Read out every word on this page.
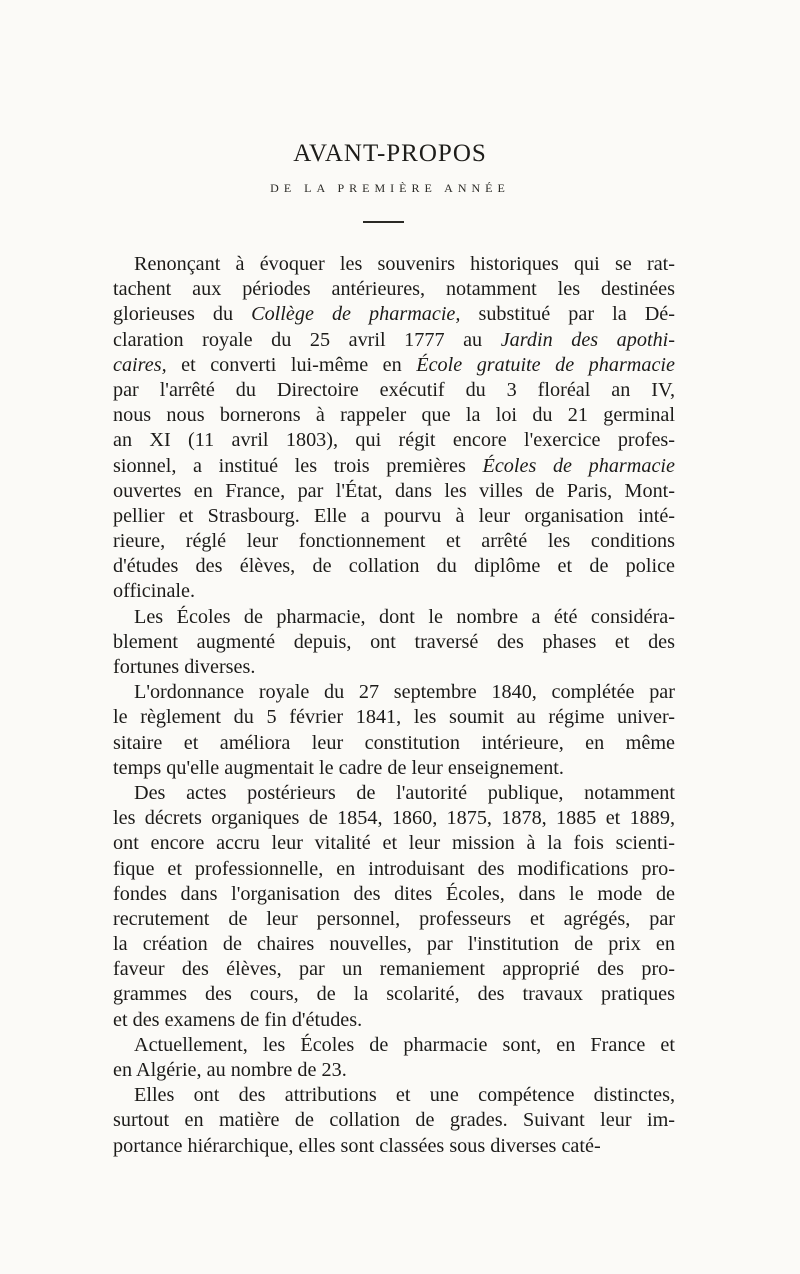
AVANT-PROPOS
DE LA PREMIÈRE ANNÉE
Renonçant à évoquer les souvenirs historiques qui se rat-
tachent aux périodes antérieures, notamment les destinées
glorieuses du Collège de pharmacie, substitué par la Dé-
claration royale du 25 avril 1777 au Jardin des apothi-
caires, et converti lui-même en École gratuite de pharmacie
par l'arrêté du Directoire exécutif du 3 floréal an IV,
nous nous bornerons à rappeler que la loi du 21 germinal
an XI (11 avril 1803), qui régit encore l'exercice profes-
sionnel, a institué les trois premières Écoles de pharmacie
ouvertes en France, par l'État, dans les villes de Paris, Mont-
pellier et Strasbourg. Elle a pourvu à leur organisation inté-
rieure, réglé leur fonctionnement et arrêté les conditions
d'études des élèves, de collation du diplôme et de police
officinale.
Les Écoles de pharmacie, dont le nombre a été considéra-
blement augmenté depuis, ont traversé des phases et des
fortunes diverses.
L'ordonnance royale du 27 septembre 1840, complétée par
le règlement du 5 février 1841, les soumit au régime univer-
sitaire et améliora leur constitution intérieure, en même
temps qu'elle augmentait le cadre de leur enseignement.
Des actes postérieurs de l'autorité publique, notamment
les décrets organiques de 1854, 1860, 1875, 1878, 1885 et 1889,
ont encore accru leur vitalité et leur mission à la fois scienti-
fique et professionnelle, en introduisant des modifications pro-
fondes dans l'organisation des dites Écoles, dans le mode de
recrutement de leur personnel, professeurs et agrégés, par
la création de chaires nouvelles, par l'institution de prix en
faveur des élèves, par un remaniement approprié des pro-
grammes des cours, de la scolarité, des travaux pratiques
et des examens de fin d'études.
Actuellement, les Écoles de pharmacie sont, en France et
en Algérie, au nombre de 23.
Elles ont des attributions et une compétence distinctes,
surtout en matière de collation de grades. Suivant leur im-
portance hiérarchique, elles sont classées sous diverses caté-
